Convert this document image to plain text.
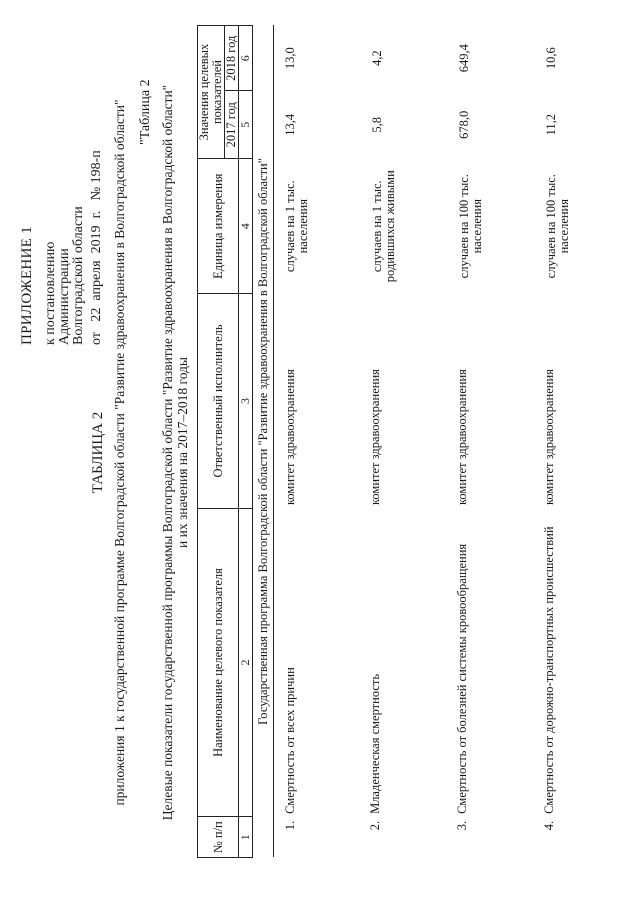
ПРИЛОЖЕНИЕ 1 к постановлению Администрации Волгоградской области от   22  апреля  2019  г.   № 198-п
ТАБЛИЦА 2 приложения 1 к государственной программе Волгоградской области "Развитие здравоохранения в Волгоградской области" "Таблица 2 Целевые показатели государственной программы Волгоградской области "Развитие здравоохранения в Волгоградской области" и их значения на 2017–2018 годы
№ п/п	Наименование целевого показателя	Ответственный исполнитель	Единица измерения	Значения целевых показателей	
				2017 год	2018 год
1	2	3	4	5	6
Государственная программа Волгоградской области "Развитие здравоохранения в Волгоградской области"					
1.	Смертность от всех причин	комитет здравоохранения	случаев на 1 тыс. населения	13,4	13,0
2.	Младенческая смертность	комитет здравоохранения	случаев на 1 тыс. родившихся живыми	5,8	4,2
3.	Смертность от болезней системы кровообращения	комитет здравоохранения	случаев на 100 тыс. населения	678,0	649,4
4.	Смертность от дорожно-транспортных происшествий	комитет здравоохранения	случаев на 100 тыс. населения	11,2	10,6
